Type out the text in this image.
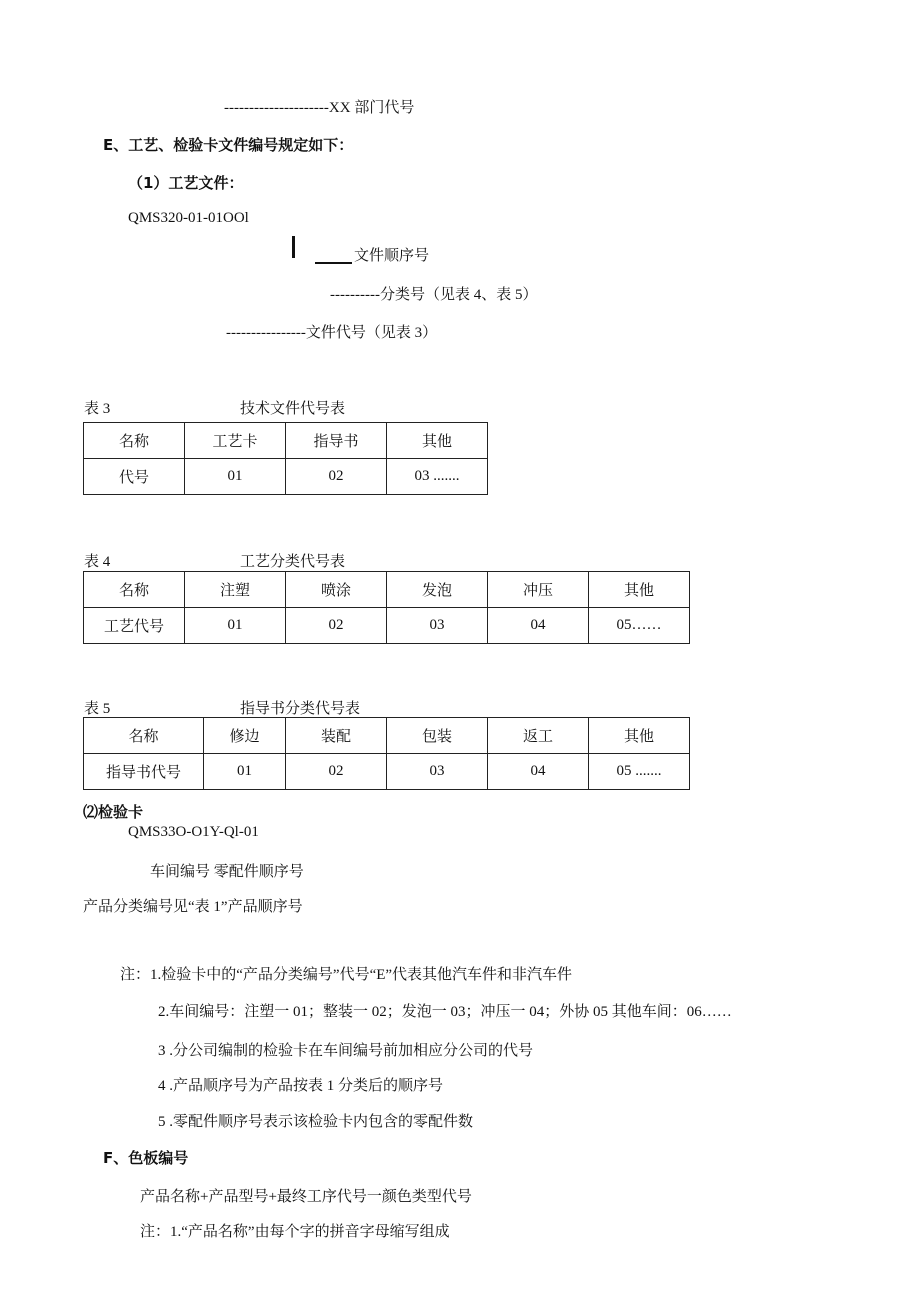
---------------------XX 部门代号
E、工艺、检验卡文件编号规定如下：
（1）工艺文件：
QMS320-01-01OOl
文件顺序号
----------分类号（见表 4、表 5）
----------------文件代号（见表 3）
表 3	技术文件代号表
名称	工艺卡	指导书	其他
代号	01	02	03 .......
表 4	工艺分类代号表
名称	注塑	喷涂	发泡	冲压	其他
工艺代号	01	02	03	04	05……
表 5	指导书分类代号表
名称	修边	装配	包装	返工	其他
指导书代号	01	02	03	04	05 .......
⑵检验卡
QMS33O-O1Y-Ql-01
车间编号 零配件顺序号
产品分类编号见“表 1”产品顺序号
注：1.检验卡中的“产品分类编号”代号“E”代表其他汽车件和非汽车件
2.车间编号：注塑一 01；整装一 02；发泡一 03；冲压一 04；外协 05 其他车间：06……
3 .分公司编制的检验卡在车间编号前加相应分公司的代号
4 .产品顺序号为产品按表 1 分类后的顺序号
5 .零配件顺序号表示该检验卡内包含的零配件数
F、色板编号
产品名称+产品型号+最终工序代号一颜色类型代号
注：1.“产品名称”由每个字的拼音字母缩写组成
